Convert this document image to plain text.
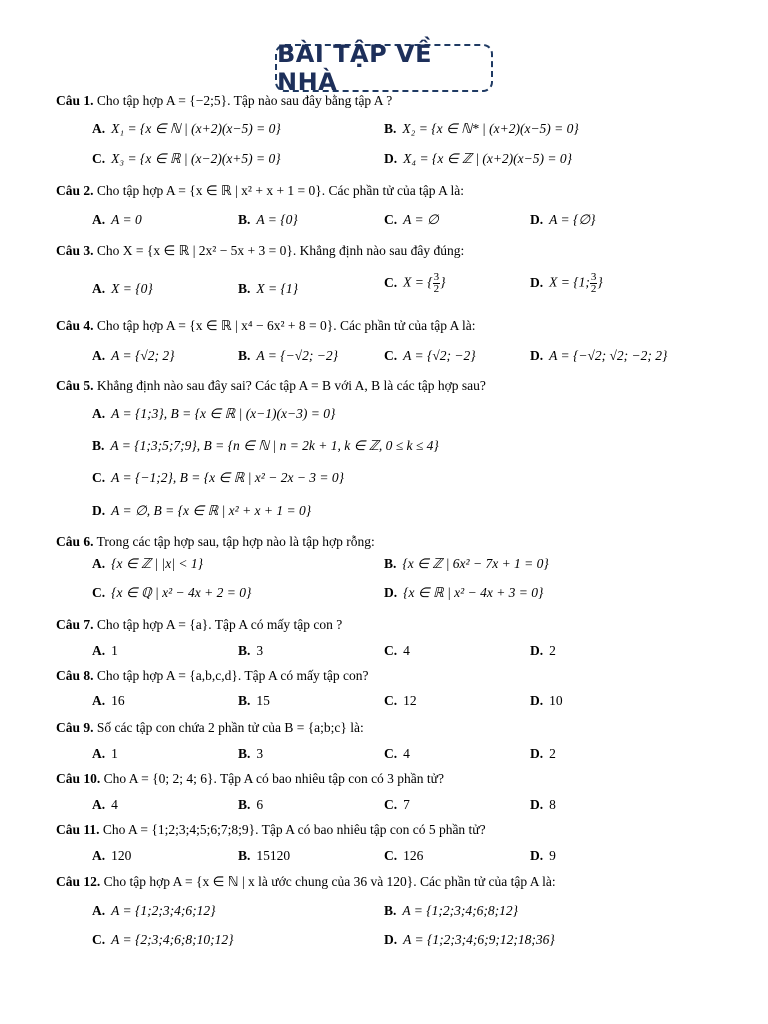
BÀI TẬP VỀ NHÀ
Câu 1. Cho tập hợp A = {−2;5}. Tập nào sau đây bằng tập A ?
A. X₁ = {x ∈ ℕ | (x+2)(x−5) = 0}	B. X₂ = {x ∈ ℕ* | (x+2)(x−5) = 0}
C. X₃ = {x ∈ ℝ | (x−2)(x+5) = 0}	D. X₄ = {x ∈ ℤ | (x+2)(x−5) = 0}
Câu 2. Cho tập hợp A = {x ∈ ℝ | x² + x + 1 = 0}. Các phần tử của tập A là:
A. A = 0	B. A = {0}	C. A = ∅	D. A = {∅}
Câu 3. Cho X = {x ∈ ℝ | 2x² − 5x + 3 = 0}. Khẳng định nào sau đây đúng:
A. X = {0}	B. X = {1}	C. X = { $\frac{3}{2}$ }	D. X = {1; $\frac{3}{2}$ }
Câu 4. Cho tập hợp A = {x ∈ ℝ | x⁴ − 6x² + 8 = 0}. Các phần tử của tập A là:
A. A = {√2; 2}	B. A = {−√2; −2}	C. A = {√2; −2}	D. A = {−√2; √2; −2; 2}
Câu 5. Khẳng định nào sau đây sai? Các tập A = B với A, B là các tập hợp sau?
A. A = {1;3}, B = {x ∈ ℝ | (x−1)(x−3) = 0}
B. A = {1;3;5;7;9}, B = {n ∈ ℕ | n = 2k + 1, k ∈ ℤ, 0 ≤ k ≤ 4}
C. A = {−1;2}, B = {x ∈ ℝ | x² − 2x − 3 = 0}
D. A = ∅, B = {x ∈ ℝ | x² + x + 1 = 0}
Câu 6. Trong các tập hợp sau, tập hợp nào là tập hợp rỗng:
A. {x ∈ ℤ | |x| < 1}	B. {x ∈ ℤ | 6x² − 7x + 1 = 0}
C. {x ∈ ℚ | x² − 4x + 2 = 0}	D. {x ∈ ℝ | x² − 4x + 3 = 0}
Câu 7. Cho tập hợp A = {a}. Tập A có mấy tập con ?
A. 1	B. 3	C. 4	D. 2
Câu 8. Cho tập hợp A = {a,b,c,d}. Tập A có mấy tập con?
A. 16	B. 15	C. 12	D. 10
Câu 9. Số các tập con chứa 2 phần tử của B = {a;b;c} là:
A. 1	B. 3	C. 4	D. 2
Câu 10. Cho A = {0; 2; 4; 6}. Tập A có bao nhiêu tập con có 3 phần tử?
A. 4	B. 6	C. 7	D. 8
Câu 11. Cho A = {1;2;3;4;5;6;7;8;9}. Tập A có bao nhiêu tập con có 5 phần tử?
A. 120	B. 15120	C. 126	D. 9
Câu 12. Cho tập hợp A = {x ∈ ℕ | x là ước chung của 36 và 120}. Các phần tử của tập A là:
A. A = {1;2;3;4;6;12}	B. A = {1;2;3;4;6;8;12}
C. A = {2;3;4;6;8;10;12}	D. A = {1;2;3;4;6;9;12;18;36}
